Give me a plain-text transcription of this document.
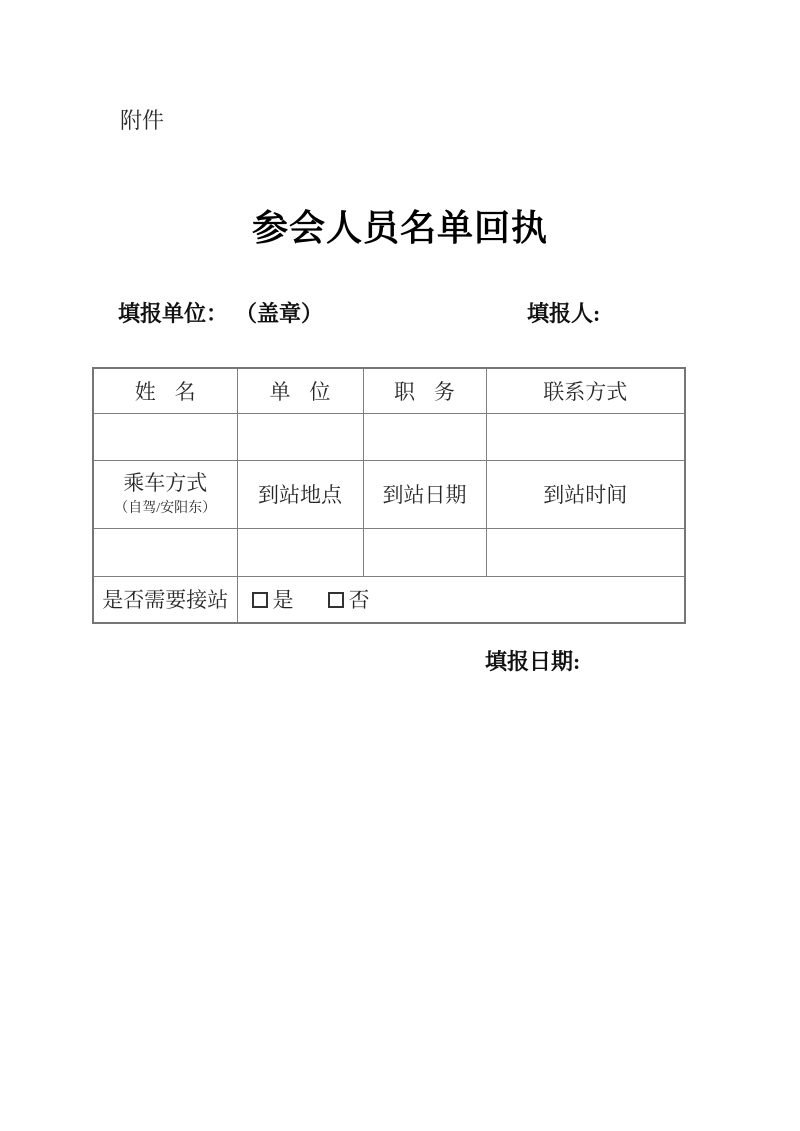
附件
参会人员名单回执
填报单位： （盖章）	填报人:
姓名	单位	职务	联系方式

乘车方式
（自驾/安阳东）	到站地点	到站日期	到站时间

是否需要接站	是 否		
填报日期:
